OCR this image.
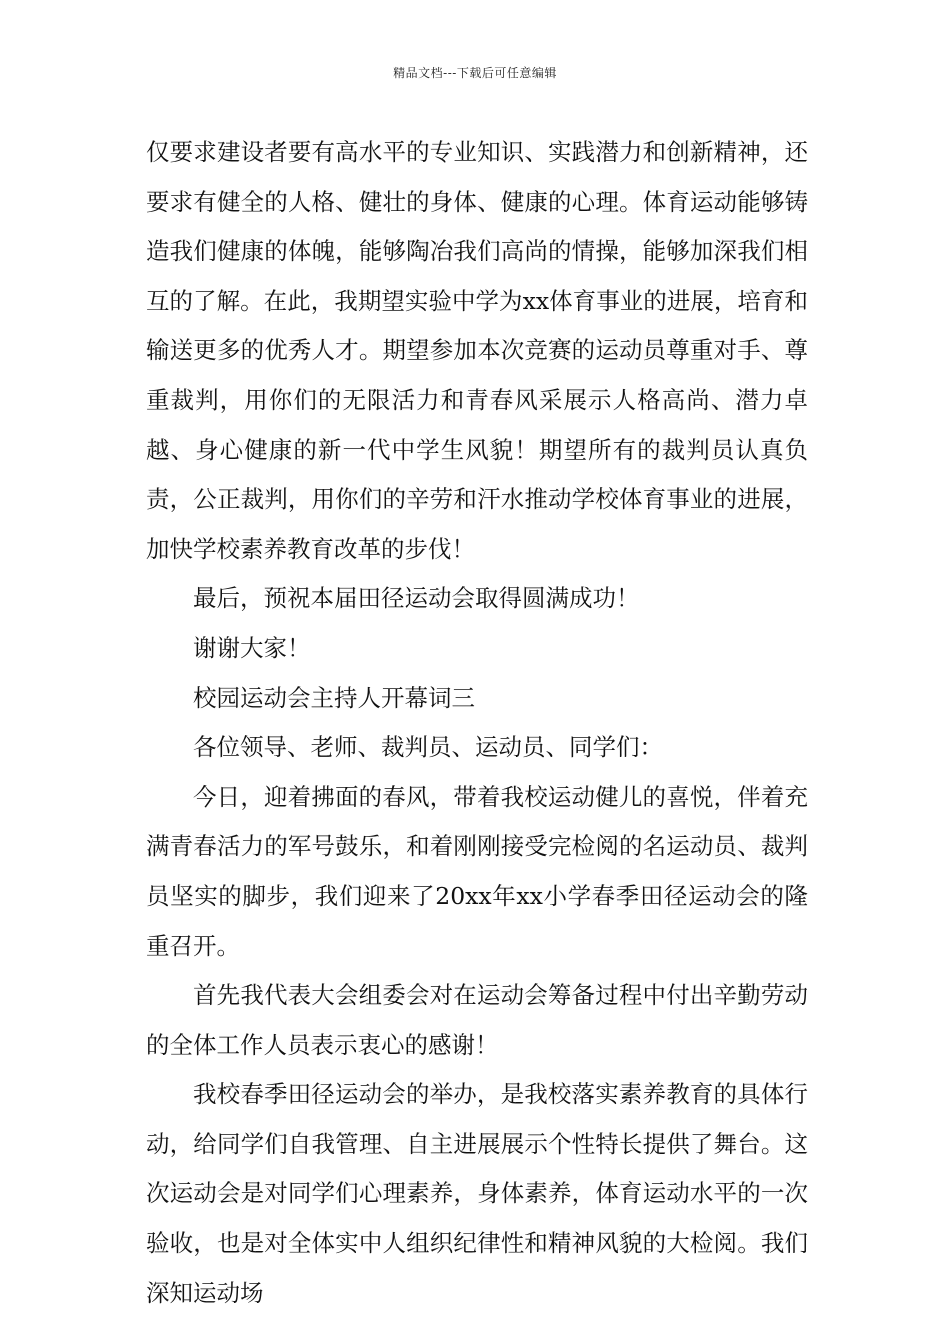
精品文档---下载后可任意编辑

仅要求建设者要有高水平的专业知识、实践潜力和创新精神，还要求有健全的人格、健壮的身体、健康的心理。体育运动能够铸造我们健康的体魄，能够陶冶我们高尚的情操，能够加深我们相互的了解。在此，我期望实验中学为xx体育事业的进展，培育和输送更多的优秀人才。期望参加本次竞赛的运动员尊重对手、尊重裁判，用你们的无限活力和青春风采展示人格高尚、潜力卓越、身心健康的新一代中学生风貌！期望所有的裁判员认真负责，公正裁判，用你们的辛劳和汗水推动学校体育事业的进展，加快学校素养教育改革的步伐！

最后，预祝本届田径运动会取得圆满成功！

谢谢大家！

校园运动会主持人开幕词三

各位领导、老师、裁判员、运动员、同学们：

今日，迎着拂面的春风，带着我校运动健儿的喜悦，伴着充满青春活力的军号鼓乐，和着刚刚接受完检阅的名运动员、裁判员坚实的脚步，我们迎来了20xx年xx小学春季田径运动会的隆重召开。

首先我代表大会组委会对在运动会筹备过程中付出辛勤劳动的全体工作人员表示衷心的感谢！

我校春季田径运动会的举办，是我校落实素养教育的具体行动，给同学们自我管理、自主进展展示个性特长提供了舞台。这次运动会是对同学们心理素养，身体素养，体育运动水平的一次验收，也是对全体实中人组织纪律性和精神风貌的大检阅。我们深知运动场
